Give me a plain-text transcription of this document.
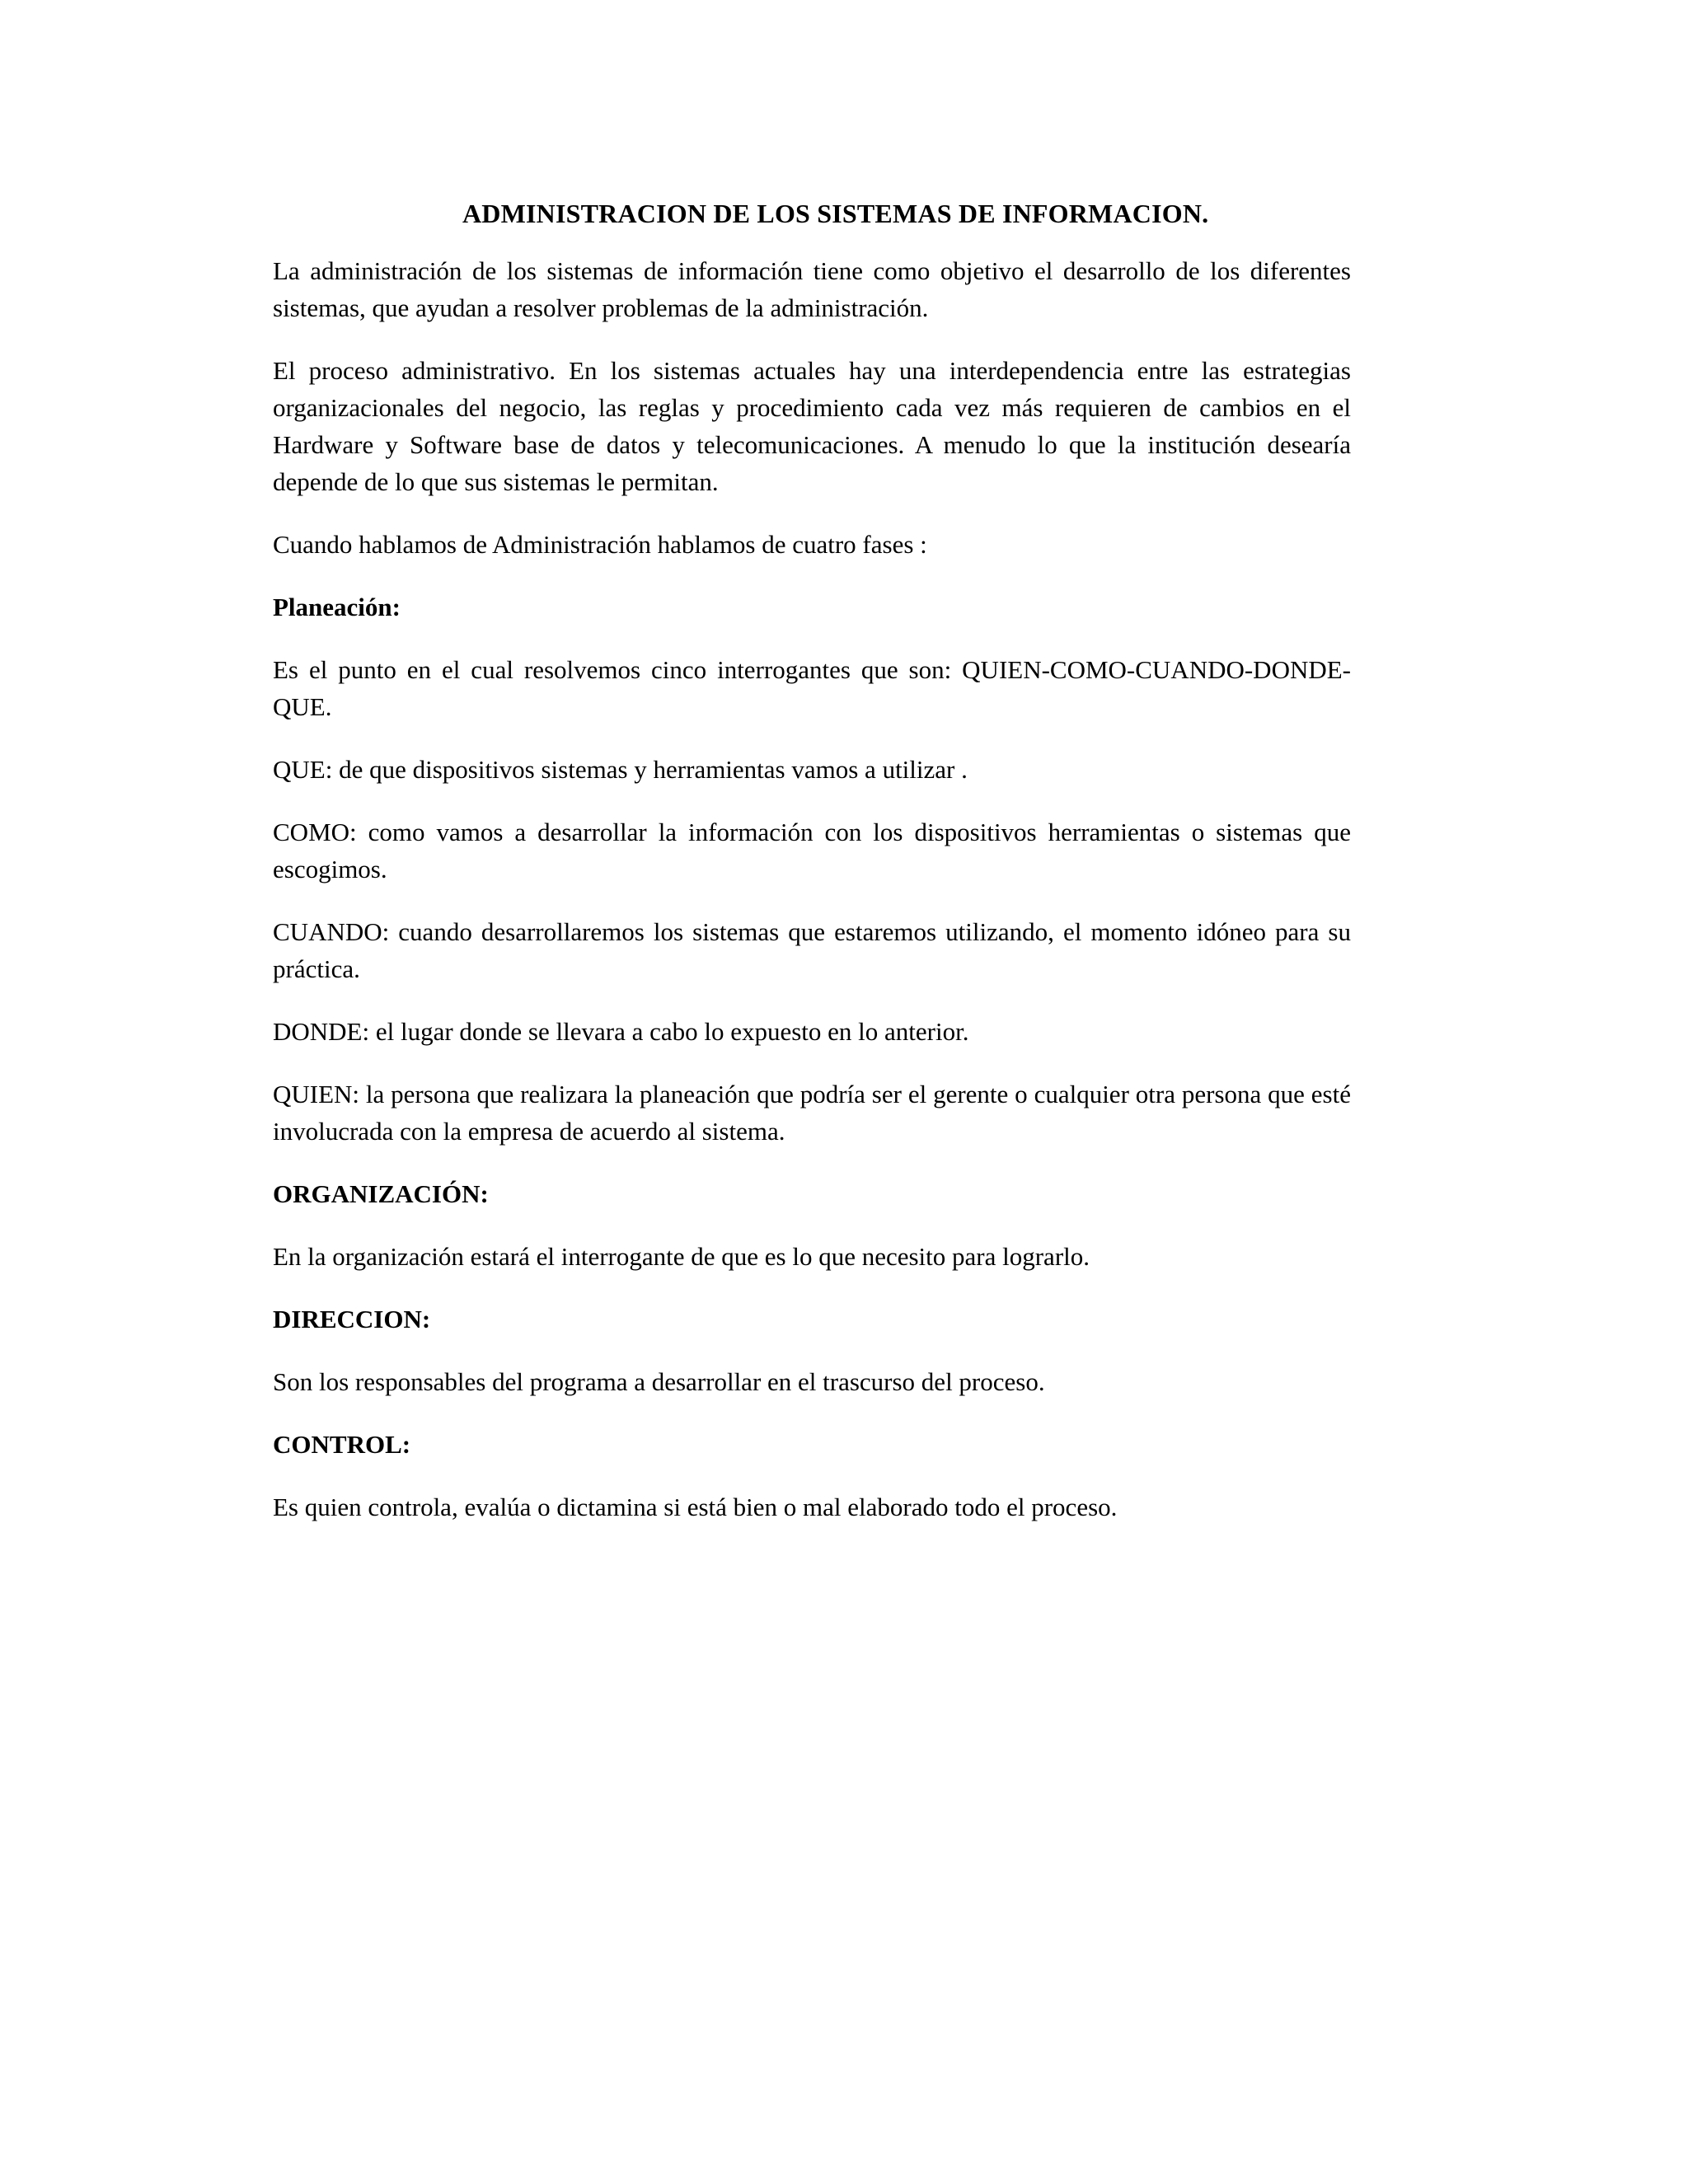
ADMINISTRACION DE LOS SISTEMAS DE INFORMACION.

La administración de los sistemas de información tiene como objetivo el desarrollo de los diferentes sistemas, que ayudan a resolver problemas de la administración.

El proceso administrativo. En los sistemas actuales hay una interdependencia entre las estrategias organizacionales del negocio, las reglas y procedimiento cada vez más requieren de cambios en el Hardware y Software base de datos y telecomunicaciones. A menudo lo que la institución desearía depende de lo que sus sistemas le permitan.

Cuando hablamos de Administración hablamos de cuatro fases :

Planeación:

Es el punto en el cual resolvemos cinco interrogantes que son: QUIEN-COMO-CUANDO-DONDE-QUE.

QUE: de que dispositivos sistemas y herramientas vamos a utilizar .

COMO: como vamos a desarrollar la información con los dispositivos herramientas o sistemas que escogimos.

CUANDO: cuando desarrollaremos los sistemas que estaremos utilizando, el momento idóneo para su práctica.

DONDE: el lugar donde se llevara a cabo lo expuesto en lo anterior.

QUIEN: la persona que realizara la planeación que podría ser el gerente o cualquier otra persona que esté involucrada con la empresa de acuerdo al sistema.

ORGANIZACIÓN:

En la organización estará el interrogante de que es lo que necesito para lograrlo.

DIRECCION:

Son los responsables del programa a desarrollar en el trascurso del proceso.

CONTROL:

Es quien controla, evalúa o dictamina si está bien o mal elaborado todo el proceso.
